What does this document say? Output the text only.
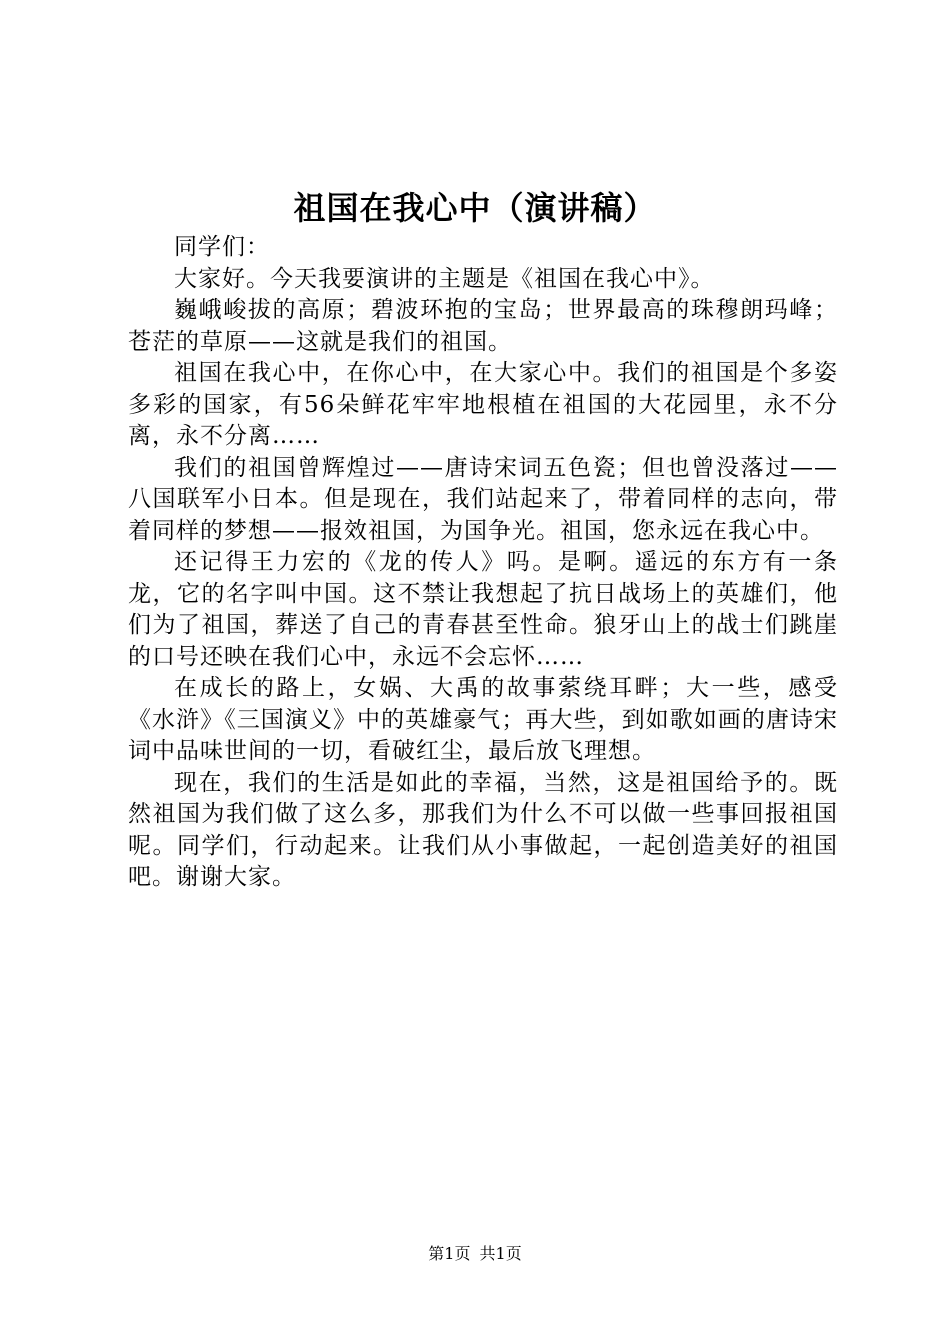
祖国在我心中（演讲稿）

同学们：

大家好。今天我要演讲的主题是《祖国在我心中》。

巍峨峻拔的高原；碧波环抱的宝岛；世界最高的珠穆朗玛峰；苍茫的草原——这就是我们的祖国。

祖国在我心中，在你心中，在大家心中。我们的祖国是个多姿多彩的国家，有56朵鲜花牢牢地根植在祖国的大花园里，永不分离，永不分离……

我们的祖国曾辉煌过——唐诗宋词五色瓷；但也曾没落过——八国联军小日本。但是现在，我们站起来了，带着同样的志向，带着同样的梦想——报效祖国，为国争光。祖国，您永远在我心中。

还记得王力宏的《龙的传人》吗。是啊。遥远的东方有一条龙，它的名字叫中国。这不禁让我想起了抗日战场上的英雄们，他们为了祖国，葬送了自己的青春甚至性命。狼牙山上的战士们跳崖的口号还映在我们心中，永远不会忘怀……

在成长的路上，女娲、大禹的故事萦绕耳畔；大一些，感受《水浒》《三国演义》中的英雄豪气；再大些，到如歌如画的唐诗宋词中品味世间的一切，看破红尘，最后放飞理想。

现在，我们的生活是如此的幸福，当然，这是祖国给予的。既然祖国为我们做了这么多，那我们为什么不可以做一些事回报祖国呢。同学们，行动起来。让我们从小事做起，一起创造美好的祖国吧。谢谢大家。

第1页 共1页
